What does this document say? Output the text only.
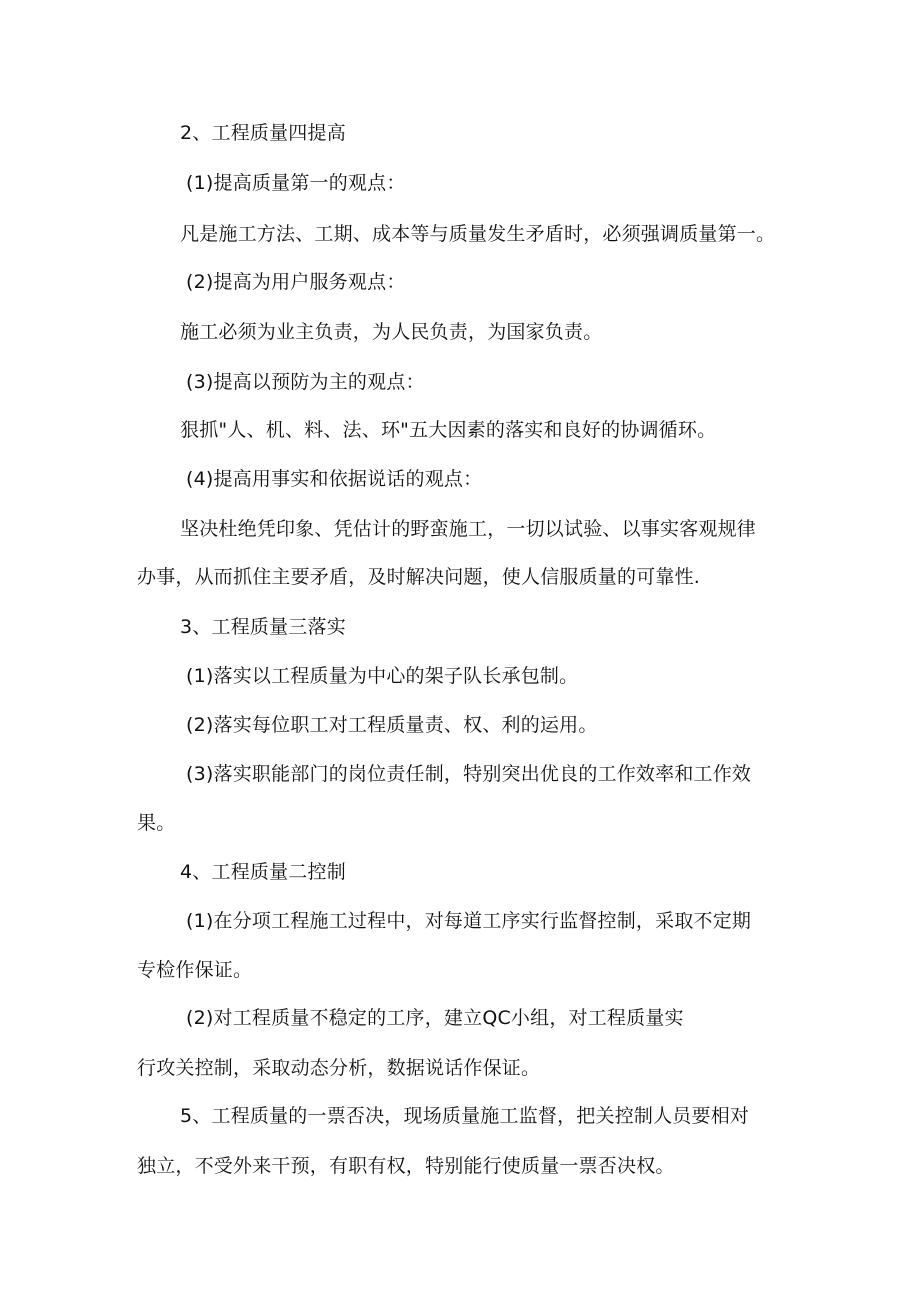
2、工程质量四提高
(1)提高质量第一的观点：
凡是施工方法、工期、成本等与质量发生矛盾时，必须强调质量第一。
(2)提高为用户服务观点：
施工必须为业主负责，为人民负责，为国家负责。
(3)提高以预防为主的观点：
狠抓"人、机、料、法、环"五大因素的落实和良好的协调循环。
(4)提高用事实和依据说话的观点：
坚决杜绝凭印象、凭估计的野蛮施工，一切以试验、以事实客观规律
办事，从而抓住主要矛盾，及时解决问题，使人信服质量的可靠性.
3、工程质量三落实
(1)落实以工程质量为中心的架子队长承包制。
(2)落实每位职工对工程质量责、权、利的运用。
(3)落实职能部门的岗位责任制，特别突出优良的工作效率和工作效
果。
4、工程质量二控制
(1)在分项工程施工过程中，对每道工序实行监督控制，采取不定期
专检作保证。
(2)对工程质量不稳定的工序，建立QC小组，对工程质量实
行攻关控制，采取动态分析，数据说话作保证。
5、工程质量的一票否决，现场质量施工监督，把关控制人员要相对
独立，不受外来干预，有职有权，特别能行使质量一票否决权。
